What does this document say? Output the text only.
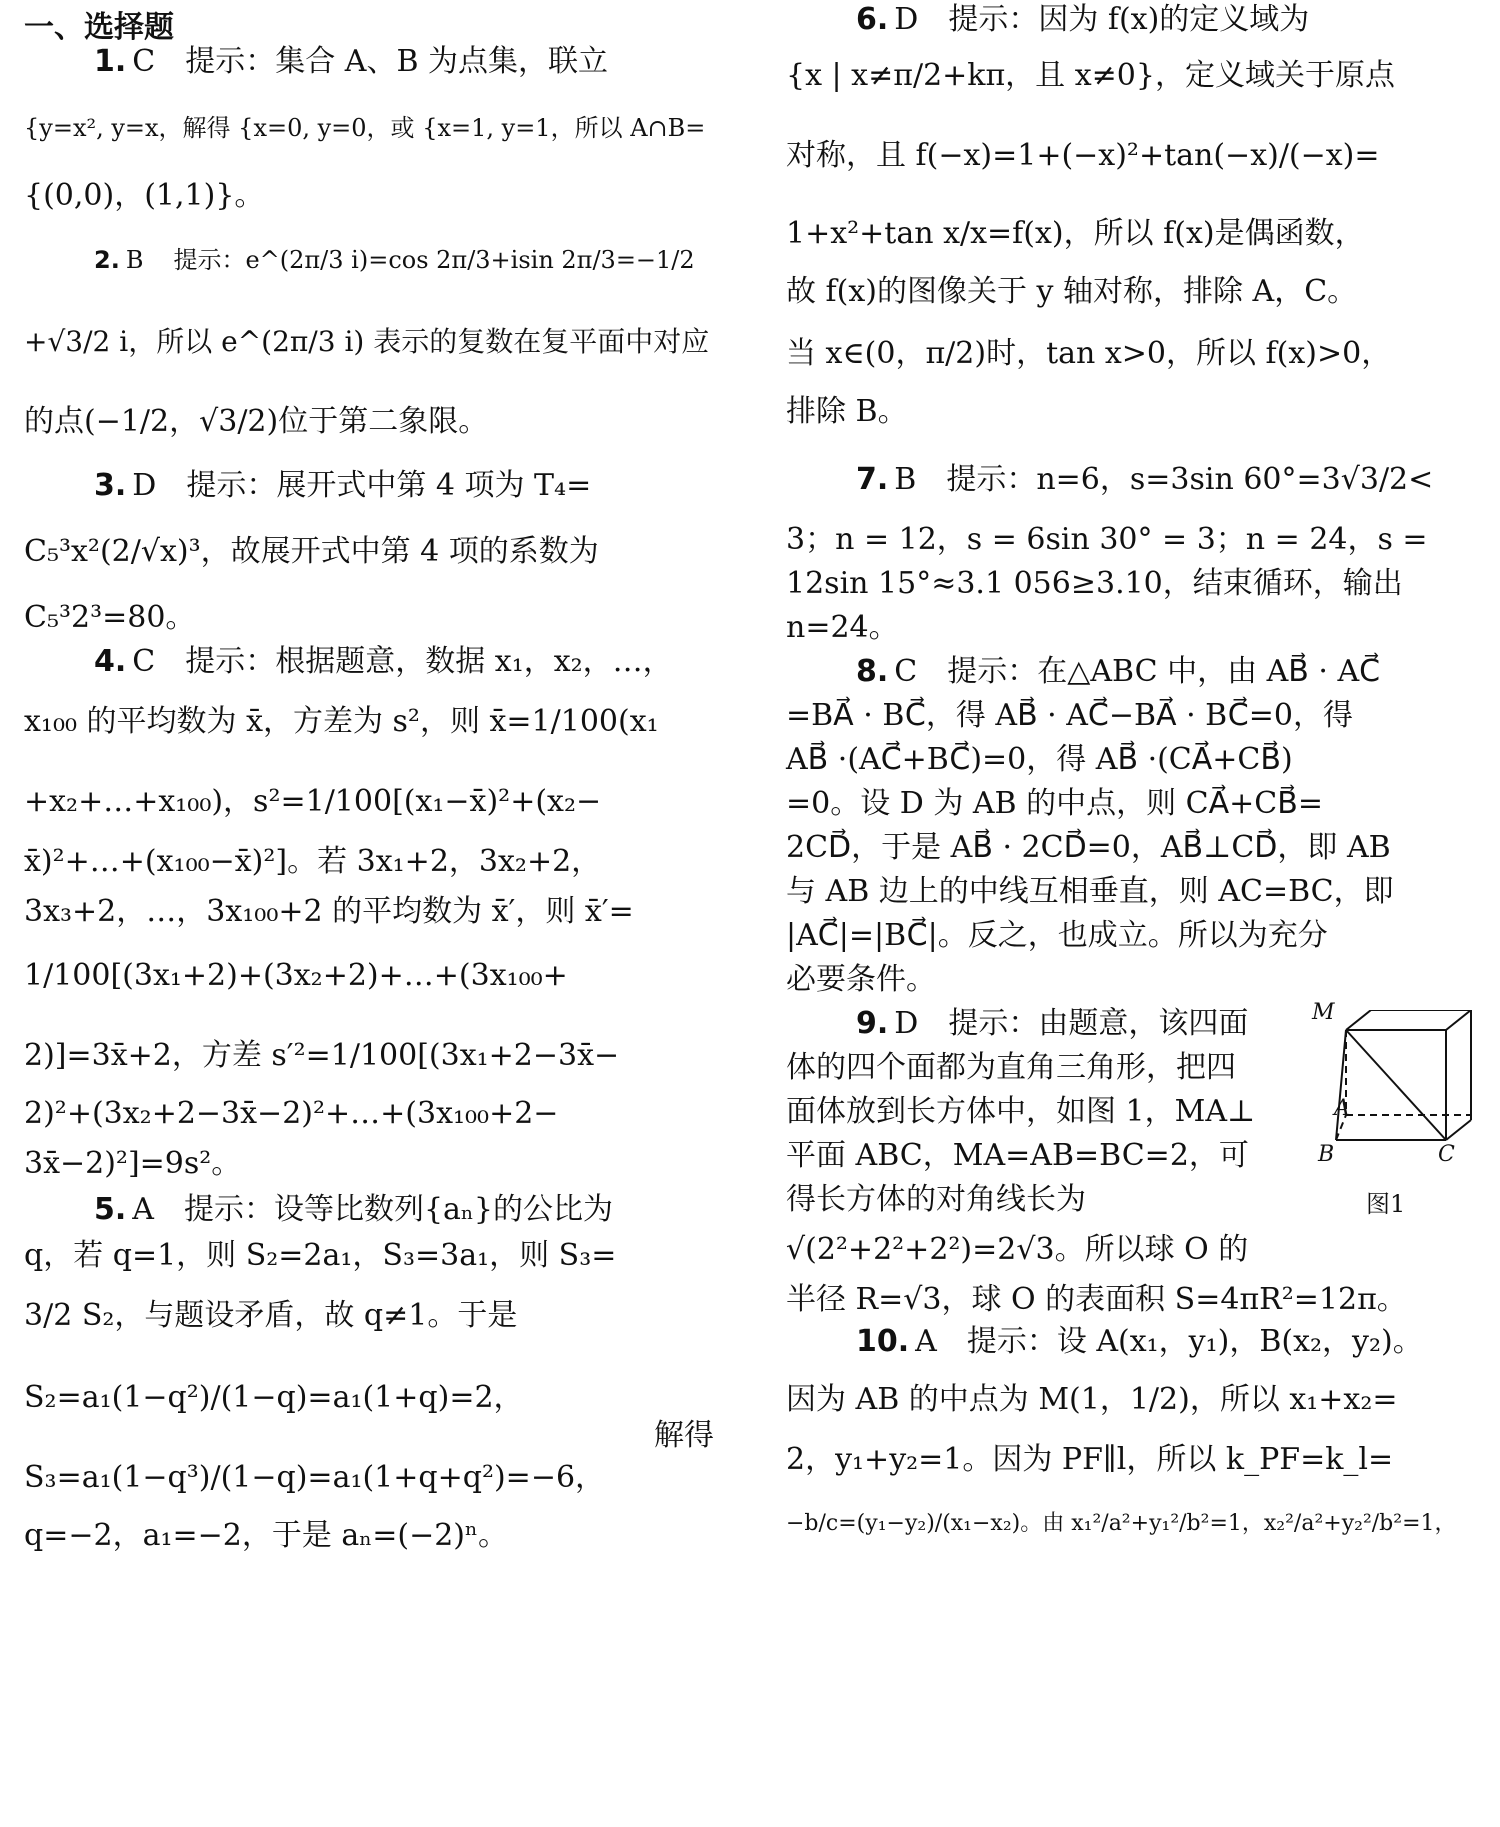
一、选择题
1. C 提示：集合 A、B 为点集，联立
{y=x², y=x，解得 {x=0, y=0，或 {x=1, y=1，所以 A∩B=
{(0,0)，(1,1)}。
2. B 提示：e^(2π/3 i)=cos 2π/3+isin 2π/3=−1/2
+√3/2 i，所以 e^(2π/3 i) 表示的复数在复平面中对应
的点(−1/2，√3/2)位于第二象限。
3. D 提示：展开式中第 4 项为 T₄=
C₅³x²(2/√x)³，故展开式中第 4 项的系数为
C₅³2³=80。
4. C 提示：根据题意，数据 x₁，x₂，…，
x₁₀₀ 的平均数为 x̄，方差为 s²，则 x̄=1/100(x₁
+x₂+…+x₁₀₀)，s²=1/100[(x₁−x̄)²+(x₂−
x̄)²+…+(x₁₀₀−x̄)²]。若 3x₁+2，3x₂+2，
3x₃+2，…，3x₁₀₀+2 的平均数为 x̄′，则 x̄′=
1/100[(3x₁+2)+(3x₂+2)+…+(3x₁₀₀+
2)]=3x̄+2，方差 s′²=1/100[(3x₁+2−3x̄−
2)²+(3x₂+2−3x̄−2)²+…+(3x₁₀₀+2−
3x̄−2)²]=9s²。
5. A 提示：设等比数列{aₙ}的公比为
q，若 q=1，则 S₂=2a₁，S₃=3a₁，则 S₃=
3/2 S₂，与题设矛盾，故 q≠1。于是
S₂=a₁(1−q²)/(1−q)=a₁(1+q)=2，
解得
S₃=a₁(1−q³)/(1−q)=a₁(1+q+q²)=−6，
q=−2，a₁=−2，于是 aₙ=(−2)ⁿ。
6. D 提示：因为 f(x)的定义域为
{x | x≠π/2+kπ，且 x≠0}，定义域关于原点
对称，且 f(−x)=1+(−x)²+tan(−x)/(−x)=
1+x²+tan x/x=f(x)，所以 f(x)是偶函数，
故 f(x)的图像关于 y 轴对称，排除 A，C。
当 x∈(0，π/2)时，tan x>0，所以 f(x)>0，
排除 B。
7. B 提示：n=6，s=3sin 60°=3√3/2<
3；n = 12，s = 6sin 30° = 3；n = 24，s =
12sin 15°≈3.1 056≥3.10，结束循环，输出
n=24。
8. C 提示：在△ABC 中，由 AB⃗ · AC⃗
=BA⃗ · BC⃗，得 AB⃗ · AC⃗−BA⃗ · BC⃗=0，得
AB⃗ ·(AC⃗+BC⃗)=0，得 AB⃗ ·(CA⃗+CB⃗)
=0。设 D 为 AB 的中点，则 CA⃗+CB⃗=
2CD⃗，于是 AB⃗ · 2CD⃗=0，AB⃗⊥CD⃗，即 AB
与 AB 边上的中线互相垂直，则 AC=BC，即
|AC⃗|=|BC⃗|。反之，也成立。所以为充分
必要条件。
9. D 提示：由题意，该四面
体的四个面都为直角三角形，把四
面体放到长方体中，如图 1，MA⊥
平面 ABC，MA=AB=BC=2，可
得长方体的对角线长为
√(2²+2²+2²)=2√3。所以球 O 的
半径 R=√3，球 O 的表面积 S=4πR²=12π。
10. A 提示：设 A(x₁，y₁)，B(x₂，y₂)。
因为 AB 的中点为 M(1，1/2)，所以 x₁+x₂=
2，y₁+y₂=1。因为 PF∥l，所以 k_PF=k_l=
−b/c=(y₁−y₂)/(x₁−x₂)。由 x₁²/a²+y₁²/b²=1，x₂²/a²+y₂²/b²=1，
M
A
B	C
图1
